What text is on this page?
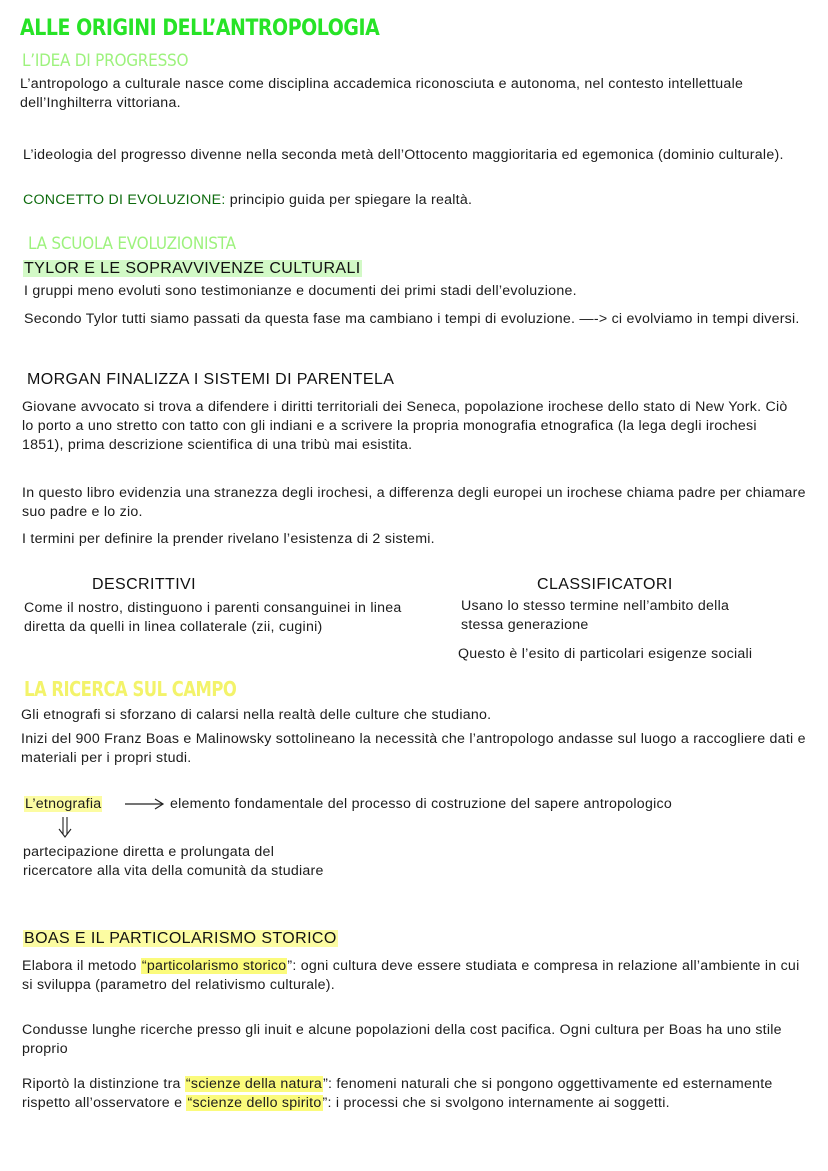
ALLE ORIGINI DELL’ANTROPOLOGIA
L’IDEA DI PROGRESSO
L’antropologo a culturale nasce come disciplina accademica riconosciuta e autonoma, nel contesto intellettuale dell’Inghilterra vittoriana.
L’ideologia del progresso divenne nella seconda metà dell’Ottocento maggioritaria ed egemonica (dominio culturale).
CONCETTO DI EVOLUZIONE: principio guida per spiegare la realtà.
LA SCUOLA EVOLUZIONISTA
TYLOR E LE SOPRAVVIVENZE CULTURALI
I gruppi meno evoluti sono testimonianze e documenti dei primi stadi dell’evoluzione.
Secondo Tylor tutti siamo passati da questa fase ma cambiano i tempi di evoluzione. —-> ci evolviamo in tempi diversi.
MORGAN FINALIZZA I SISTEMI DI PARENTELA
Giovane avvocato si trova a difendere i diritti territoriali dei Seneca, popolazione irochese dello stato di New York. Ciò lo porto a uno stretto con tatto con gli indiani e a scrivere la propria monografia etnografica (la lega degli irochesi 1851), prima descrizione scientifica di una tribù mai esistita.
In questo libro evidenzia una stranezza degli irochesi, a differenza degli europei un irochese chiama padre per chiamare suo padre e lo zio.
I termini per definire la prender rivelano l’esistenza di 2 sistemi.
DESCRITTIVI
Come il nostro, distinguono i parenti consanguinei in linea diretta da quelli in linea collaterale (zii, cugini)
CLASSIFICATORI
Usano lo stesso termine nell’ambito della stessa generazione
Questo è l’esito di particolari esigenze sociali
LA RICERCA SUL CAMPO
Gli etnografi si sforzano di calarsi nella realtà delle culture che studiano.
Inizi del 900 Franz Boas e Malinowsky sottolineano la necessità che l’antropologo andasse sul luogo a raccogliere dati e materiali per i propri studi.
L’etnografia	elemento fondamentale del processo di costruzione del sapere antropologico
partecipazione diretta e prolungata del ricercatore alla vita della comunità da studiare
BOAS E IL PARTICOLARISMO STORICO
Elabora il metodo “particolarismo storico”: ogni cultura deve essere studiata e compresa in relazione all’ambiente in cui si sviluppa (parametro del relativismo culturale).
Condusse lunghe ricerche presso gli inuit e alcune popolazioni della cost pacifica. Ogni cultura per Boas ha uno stile proprio
Riportò la distinzione tra “scienze della natura”: fenomeni naturali che si pongono oggettivamente ed esternamente rispetto all’osservatore e “scienze dello spirito”: i processi che si svolgono internamente ai soggetti.
